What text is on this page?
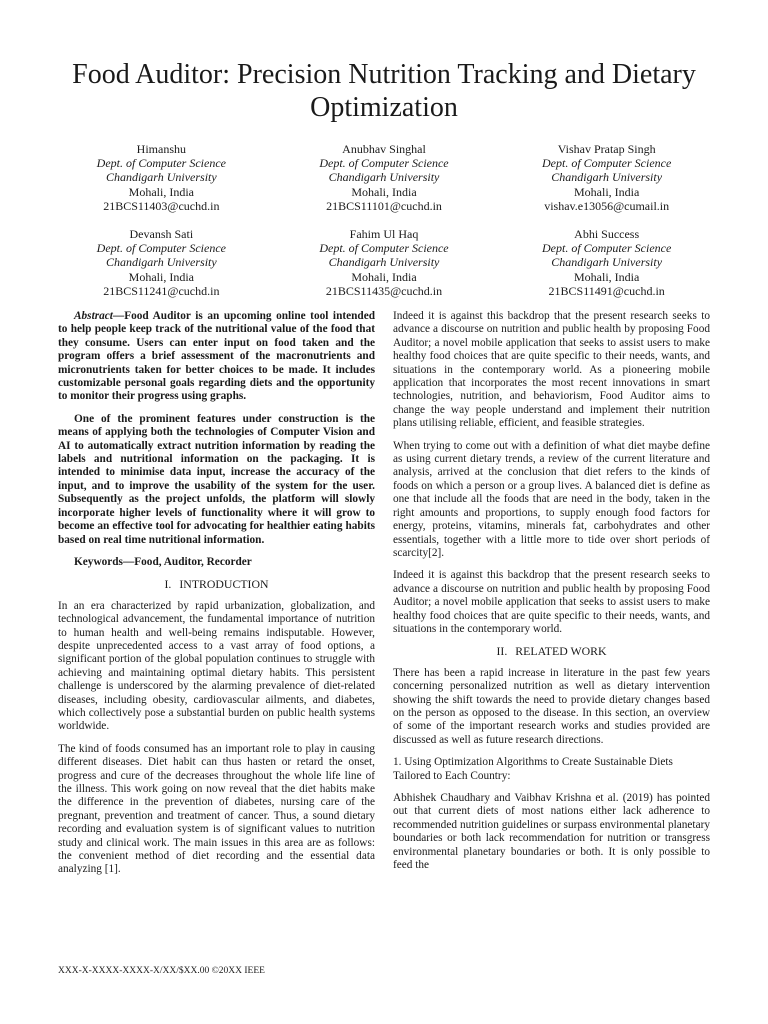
Food Auditor: Precision Nutrition Tracking and Dietary Optimization
Himanshu
Dept. of Computer Science
Chandigarh University
Mohali, India
21BCS11403@cuchd.in
Anubhav Singhal
Dept. of Computer Science
Chandigarh University
Mohali, India
21BCS11101@cuchd.in
Vishav Pratap Singh
Dept. of Computer Science
Chandigarh University
Mohali, India
vishav.e13056@cumail.in
Devansh Sati
Dept. of Computer Science
Chandigarh University
Mohali, India
21BCS11241@cuchd.in
Fahim Ul Haq
Dept. of Computer Science
Chandigarh University
Mohali, India
21BCS11435@cuchd.in
Abhi Success
Dept. of Computer Science
Chandigarh University
Mohali, India
21BCS11491@cuchd.in

Abstract—Food Auditor is an upcoming online tool intended to help people keep track of the nutritional value of the food that they consume. Users can enter input on food taken and the program offers a brief assessment of the macronutrients and micronutrients taken for better choices to be made. It includes customizable personal goals regarding diets and the opportunity to monitor their progress using graphs.

One of the prominent features under construction is the means of applying both the technologies of Computer Vision and AI to automatically extract nutrition information by reading the labels and nutritional information on the packaging. It is intended to minimise data input, increase the accuracy of the input, and to improve the usability of the system for the user. Subsequently as the project unfolds, the platform will slowly incorporate higher levels of functionality where it will grow to become an effective tool for advocating for healthier eating habits based on real time nutritional information.

Keywords—Food, Auditor, Recorder

I. INTRODUCTION

In an era characterized by rapid urbanization, globalization, and technological advancement, the fundamental importance of nutrition to human health and well-being remains indisputable. However, despite unprecedented access to a vast array of food options, a significant portion of the global population continues to struggle with achieving and maintaining optimal dietary habits. This persistent challenge is underscored by the alarming prevalence of diet-related diseases, including obesity, cardiovascular ailments, and diabetes, which collectively pose a substantial burden on public health systems worldwide.

The kind of foods consumed has an important role to play in causing different diseases. Diet habit can thus hasten or retard the onset, progress and cure of the decreases throughout the whole life line of the illness. This work going on now reveal that the diet habits make the difference in the prevention of diabetes, nursing care of the pregnant, prevention and treatment of cancer. Thus, a sound dietary recording and evaluation system is of significant values to nutrition study and clinical work. The main issues in this area are as follows: the convenient method of diet recording and the essential data analyzing [1].

Indeed it is against this backdrop that the present research seeks to advance a discourse on nutrition and public health by proposing Food Auditor; a novel mobile application that seeks to assist users to make healthy food choices that are quite specific to their needs, wants, and situations in the contemporary world. As a pioneering mobile application that incorporates the most recent innovations in smart technologies, nutrition, and behaviorism, Food Auditor aims to change the way people understand and implement their nutrition plans utilising reliable, efficient, and feasible strategies.

When trying to come out with a definition of what diet maybe define as using current dietary trends, a review of the current literature and analysis, arrived at the conclusion that diet refers to the kinds of foods on which a person or a group lives. A balanced diet is define as one that include all the foods that are need in the body, taken in the right amounts and proportions, to supply enough food factors for energy, proteins, vitamins, minerals fat, carbohydrates and other essentials, together with a little more to tide over short periods of scarcity[2].

Indeed it is against this backdrop that the present research seeks to advance a discourse on nutrition and public health by proposing Food Auditor; a novel mobile application that seeks to assist users to make healthy food choices that are quite specific to their needs, wants, and situations in the contemporary world.

II. RELATED WORK

There has been a rapid increase in literature in the past few years concerning personalized nutrition as well as dietary intervention showing the shift towards the need to provide dietary changes based on the person as opposed to the disease. In this section, an overview of some of the important research works and studies provided are discussed as well as future research directions.

1. Using Optimization Algorithms to Create Sustainable Diets Tailored to Each Country:

Abhishek Chaudhary and Vaibhav Krishna et al. (2019) has pointed out that current diets of most nations either lack adherence to recommended nutrition guidelines or surpass environmental planetary boundaries or both lack recommendation for nutrition or transgress environmental planetary boundaries or both. It is only possible to feed the

XXX-X-XXXX-XXXX-X/XX/$XX.00 ©20XX IEEE
